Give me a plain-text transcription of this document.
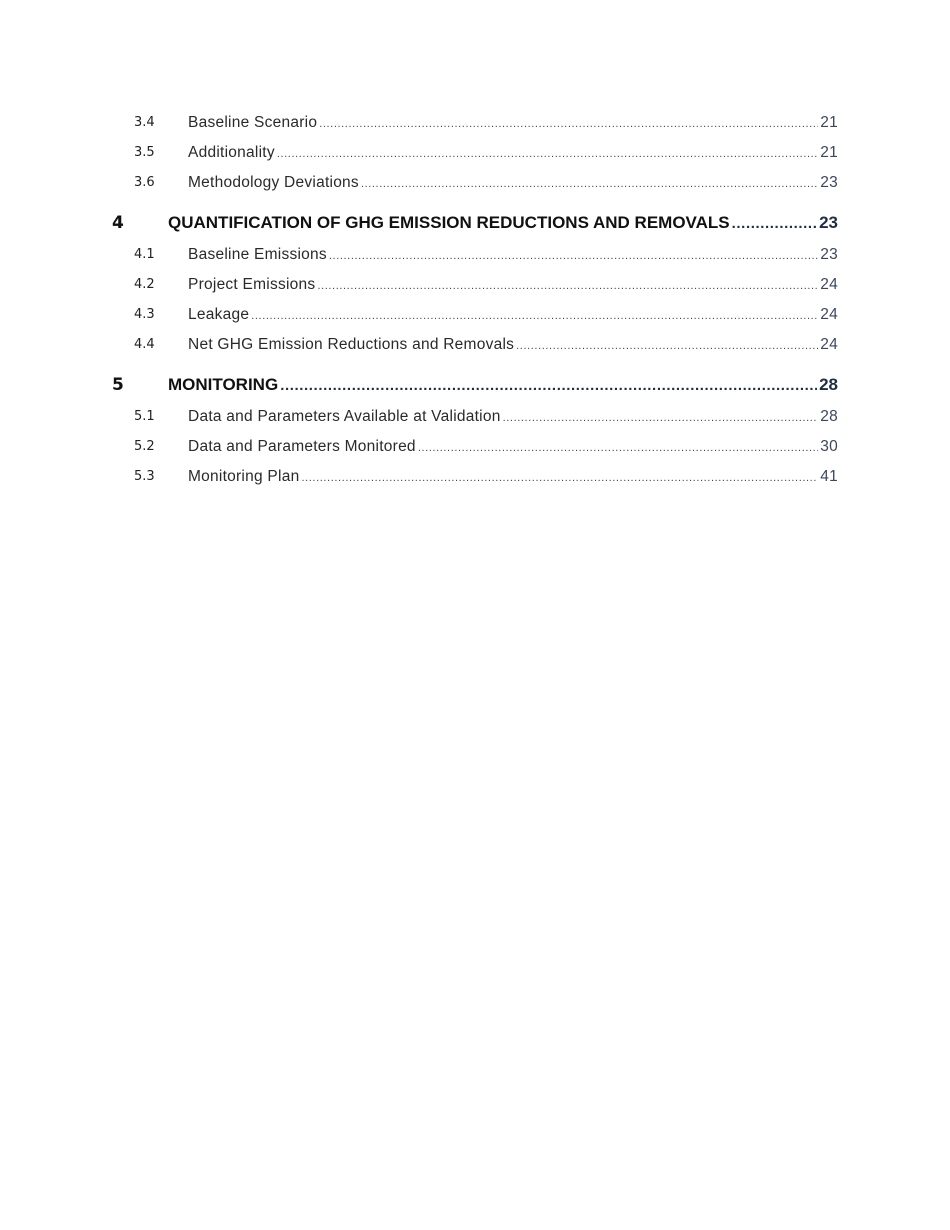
3.4 Baseline Scenario .....	21
3.5 Additionality .....	21
3.6 Methodology Deviations .....	23
4	QUANTIFICATION OF GHG EMISSION REDUCTIONS AND REMOVALS .....	23
4.1 Baseline Emissions .....	23
4.2 Project Emissions .....	24
4.3 Leakage .....	24
4.4 Net GHG Emission Reductions and Removals .....	24
5	MONITORING .....	28
5.1 Data and Parameters Available at Validation .....	28
5.2 Data and Parameters Monitored .....	30
5.3 Monitoring Plan .....	41
